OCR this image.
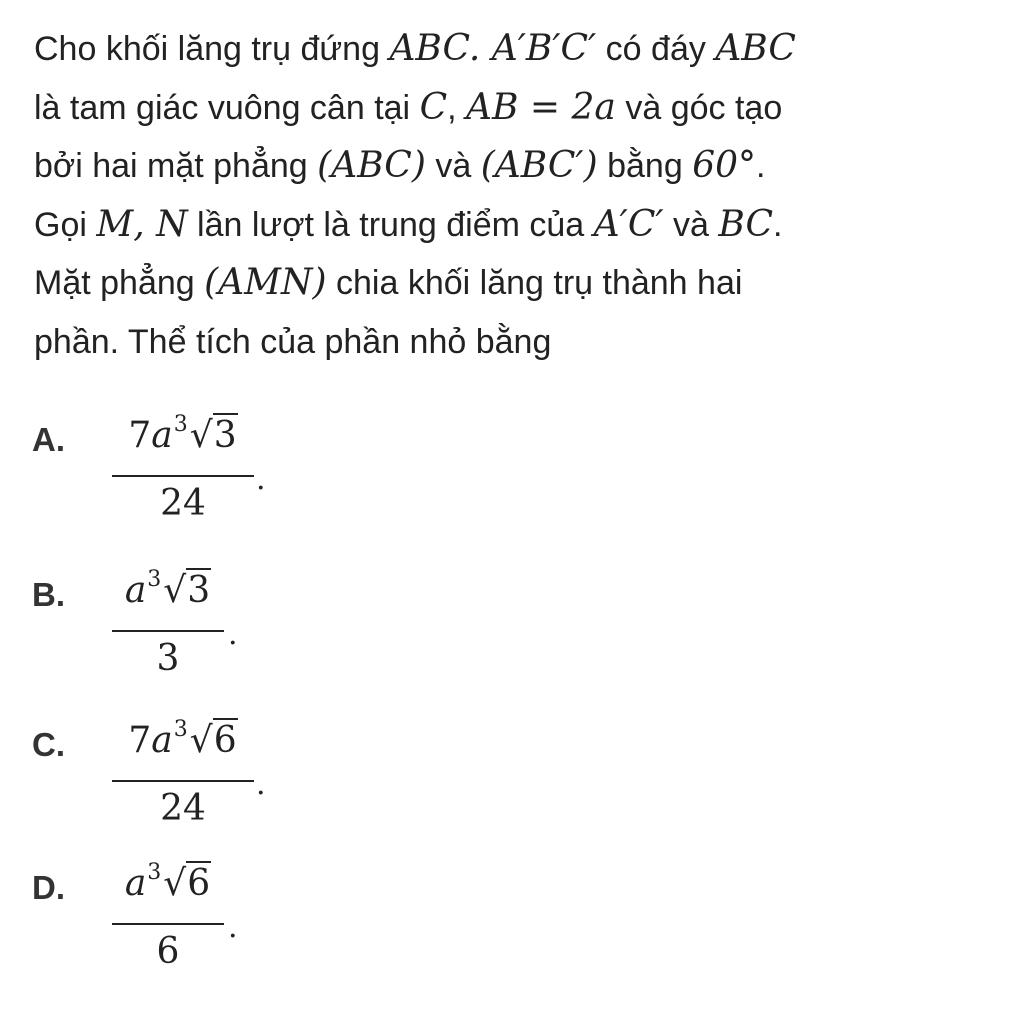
Cho khối lăng trụ đứng ABC. A′B′C′ có đáy ABC
là tam giác vuông cân tại C, AB = 2a và góc tạo
bởi hai mặt phẳng (ABC) và (ABC′) bằng 60°.
Gọi M, N lần lượt là trung điểm của A′C′ và BC.
Mặt phẳng (AMN) chia khối lăng trụ thành hai
phần. Thể tích của phần nhỏ bằng
A.	$7a^3√3$
24
.
B.	$a^3√3$
3
.
C.	$7a^3√6$
24
.
D.	$a^3√6$
6
.
